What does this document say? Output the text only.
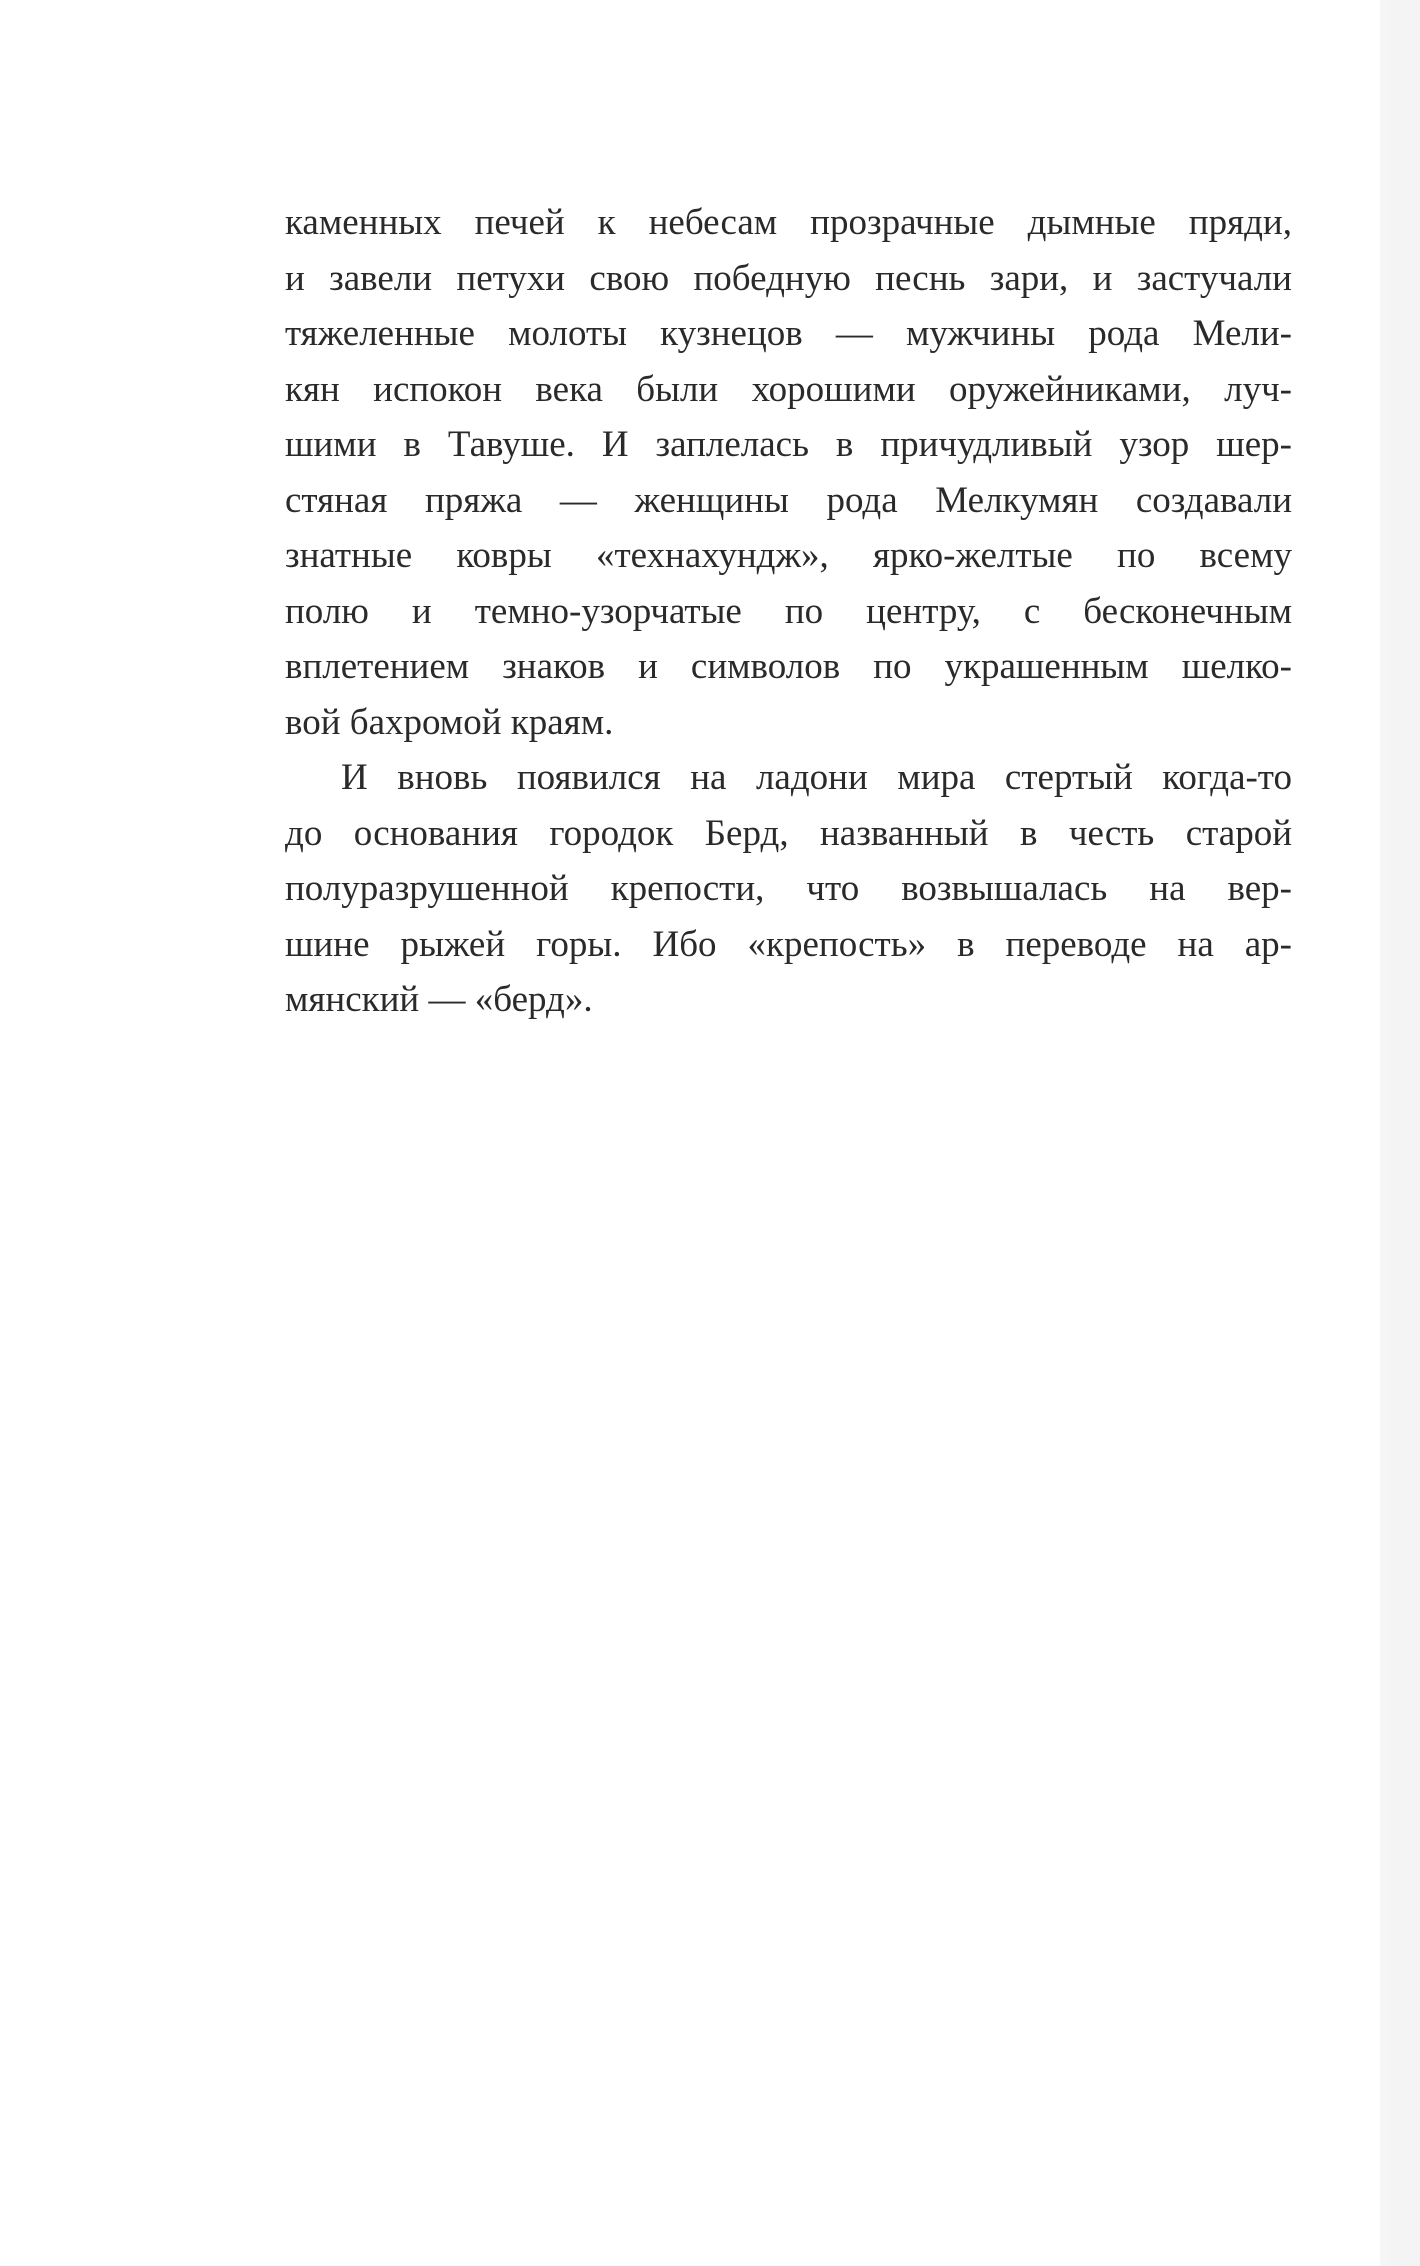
каменных печей к небесам прозрачные дымные пряди,
и завели петухи свою победную песнь зари, и застучали
тяжеленные молоты кузнецов — мужчины рода Мели-
кян испокон века были хорошими оружейниками, луч-
шими в Тавуше. И заплелась в причудливый узор шер-
стяная пряжа — женщины рода Мелкумян создавали
знатные ковры «технахундж», ярко-желтые по всему
полю и темно-узорчатые по центру, с бесконечным
вплетением знаков и символов по украшенным шелко-
вой бахромой краям.
И вновь появился на ладони мира стертый когда-то
до основания городок Берд, названный в честь старой
полуразрушенной крепости, что возвышалась на вер-
шине рыжей горы. Ибо «крепость» в переводе на ар-
мянский — «берд».
